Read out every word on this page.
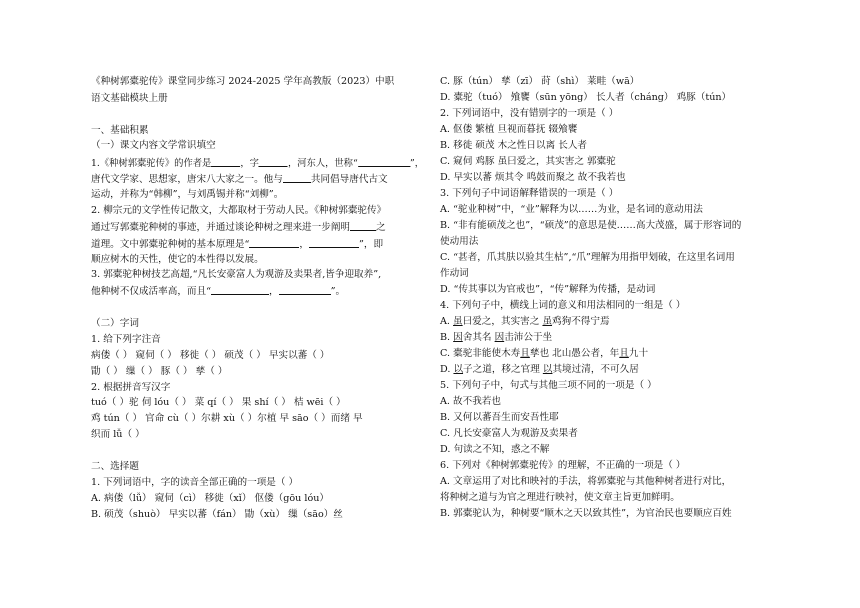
《种树郭橐驼传》课堂同步练习 2024-2025 学年高教版（2023）中职
语文基础模块上册
一、基础积累
（一）课文内容文学常识填空
1.《种树郭橐驼传》的作者是	，字	，河东人，世称“	”，
唐代文学家、思想家，唐宋八大家之一。他与	共同倡导唐代古文
运动，并称为“韩柳”，与刘禹锡并称“刘柳”。
2. 柳宗元的文学性传记散文，大都取材于劳动人民。《种树郭橐驼传》
通过写郭橐驼种树的事迹，并通过谈论种树之理来进一步阐明	之
道理。文中郭橐驼种树的基本原理是“	，	”，即
顺应树木的天性，使它的本性得以发展。
3. 郭橐驼种树技艺高超,“凡长安豪富人为观游及卖果者,皆争迎取养”,
他种树不仅成活率高，而且“	，	”。
（二）字词
1. 给下列字注音
病偻（ ） 窥伺（ ） 移徙（ ） 硕茂（ ） 早实以蕃（ ）
勖（ ） 缫（ ） 豚（ ） 孳（ ）
2. 根据拼音写汉字
tuó（ ）驼 伺 lóu（ ） 菜 qí（ ） 果 shí（ ） 桔 wēi（ ）
鸡 tún（ ） 官命 cù（ ）尔耕 xù（ ）尔植 早 sāo（ ）而绪 早
织而 lǚ（ ）
二、选择题
1. 下列词语中，字的读音全部正确的一项是（ ）
A. 病偻（lǚ） 窥伺（cì） 移徙（xǐ） 伛偻（gōu lóu）
B. 硕茂（shuò） 早实以蕃（fán） 勖（xù） 缫（sāo）丝
C. 豚（tún） 孳（zī） 莳（shì） 莱畦（wā）
D. 橐驼（tuó） 飧饔（sūn yōng） 长人者（cháng） 鸡豚（tún）
2. 下列词语中，没有错别字的一项是（ ）
A. 伛偻 繁植 旦视而暮抚 辍飧饔
B. 移徙 硕茂 木之性日以离 长人者
C. 窥伺 鸡豚 虽曰爱之，其实害之 郭橐驼
D. 早实以蕃 烦其令 鸣鼓而聚之 故不我若也
3. 下列句子中词语解释错误的一项是（ ）
A. “驼业种树”中，“业”解释为以……为业，是名词的意动用法
B. “非有能硕茂之也”，“硕茂”的意思是使……高大茂盛，属于形容词的
使动用法
C. “甚者，爪其肤以验其生枯”,“爪”理解为用指甲划破，在这里名词用
作动词
D. “传其事以为官戒也”，“传”解释为传播，是动词
4. 下列句子中，横线上词的意义和用法相同的一组是（ ）
A. 虽曰爱之，其实害之 虽鸡狗不得宁焉
B. 因舍其名 因击沛公于坐
C. 橐驼非能使木寿且孳也 北山愚公者，年且九十
D. 以子之道，移之官理 以其境过清，不可久居
5. 下列句子中，句式与其他三项不同的一项是（ ）
A. 故不我若也
B. 又何以蕃吾生而安吾性耶
C. 凡长安豪富人为观游及卖果者
D. 句读之不知，惑之不解
6. 下列对《种树郭橐驼传》的理解，不正确的一项是（ ）
A. 文章运用了对比和映衬的手法，将郭橐驼与其他种树者进行对比，
将种树之道与为官之理进行映衬，使文章主旨更加鲜明。
B. 郭橐驼认为，种树要“顺木之天以致其性”，为官治民也要顺应百姓
